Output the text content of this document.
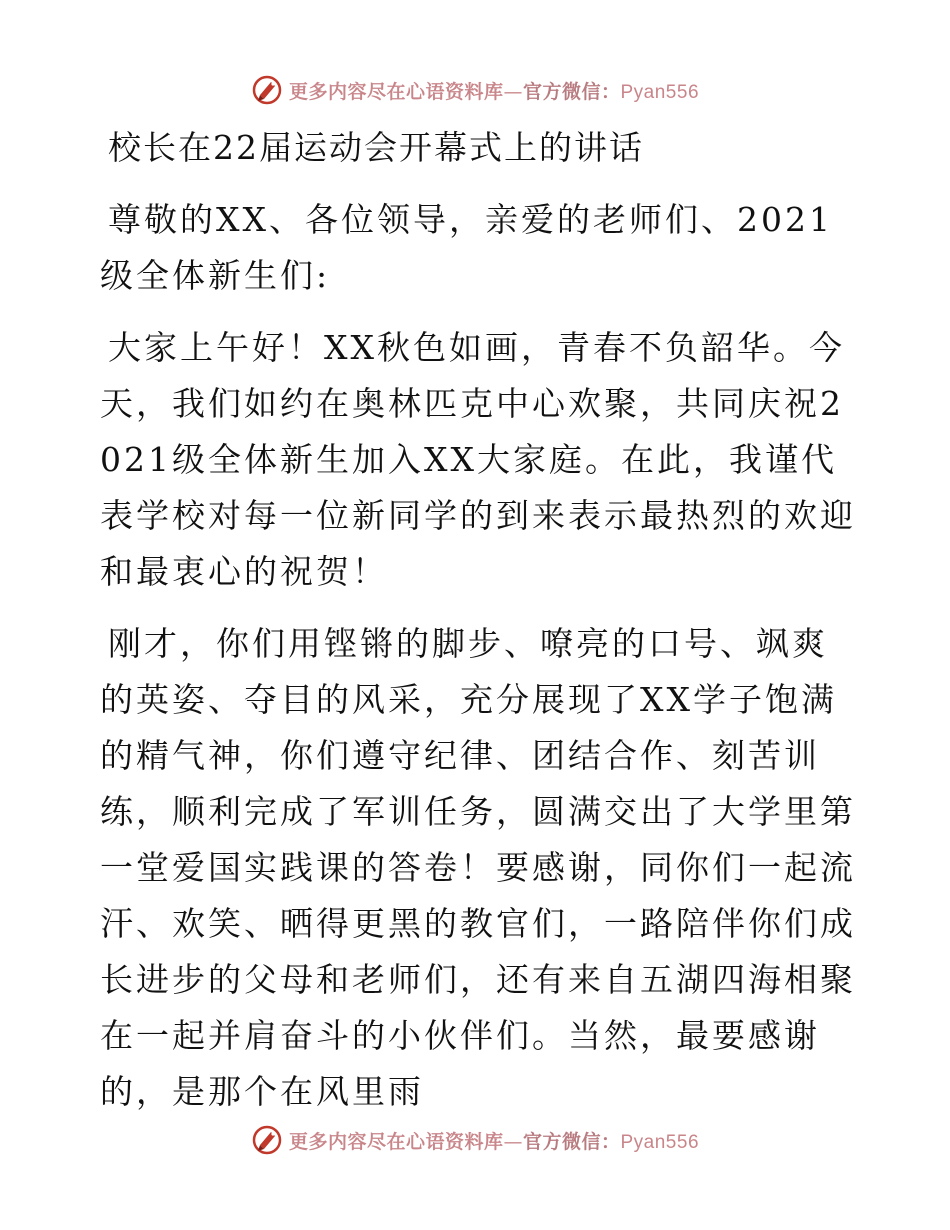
更多内容尽在心语资料库—官方微信：Pyan556
校长在22届运动会开幕式上的讲话

尊敬的XX、各位领导，亲爱的老师们、2021级全体新生们:

大家上午好！XX秋色如画，青春不负韶华。今天，我们如约在奥林匹克中心欢聚，共同庆祝2021级全体新生加入XX大家庭。在此，我谨代表学校对每一位新同学的到来表示最热烈的欢迎和最衷心的祝贺！

刚才，你们用铿锵的脚步、嘹亮的口号、飒爽的英姿、夺目的风采，充分展现了XX学子饱满的精气神，你们遵守纪律、团结合作、刻苦训练，顺利完成了军训任务，圆满交出了大学里第一堂爱国实践课的答卷！要感谢，同你们一起流汗、欢笑、晒得更黑的教官们，一路陪伴你们成长进步的父母和老师们，还有来自五湖四海相聚在一起并肩奋斗的小伙伴们。当然，最要感谢的，是那个在风里雨

更多内容尽在心语资料库—官方微信：Pyan556
